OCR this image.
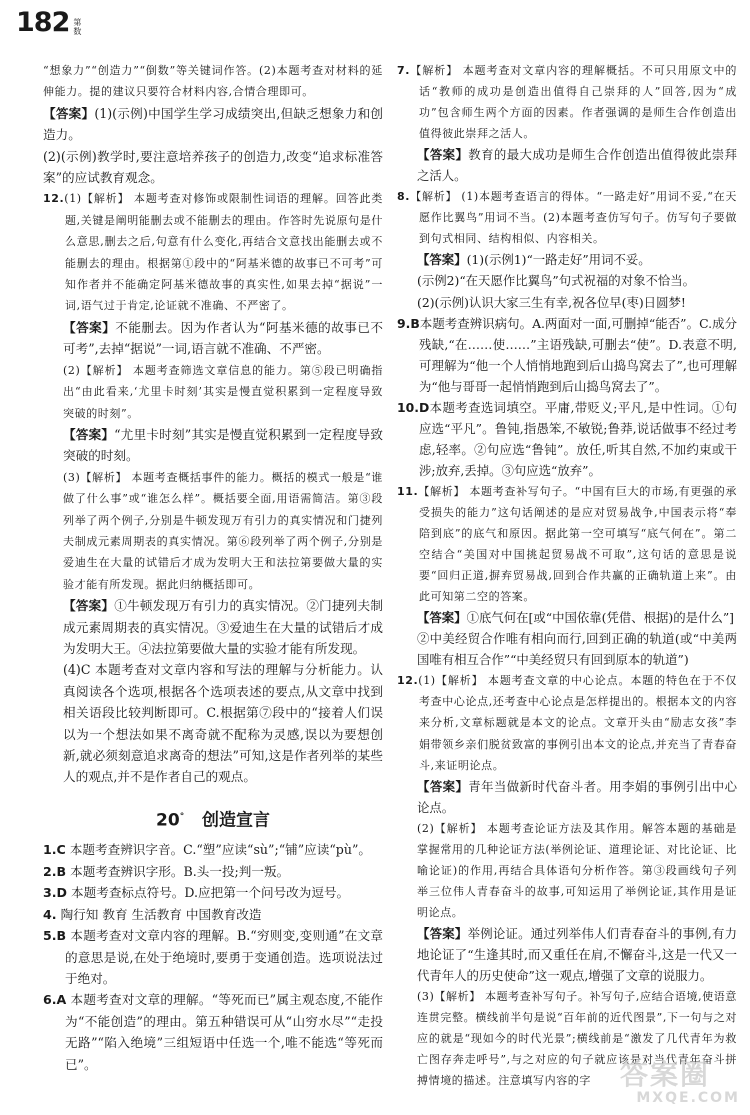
182 第数
“想象力”“创造力”“倒数”等关键词作答。(2)本题考查对材料的延伸能力。提的建议只要符合材料内容,合情合理即可。
【答案】(1)(示例)中国学生学习成绩突出,但缺乏想象力和创造力。
(2)(示例)教学时,要注意培养孩子的创造力,改变“追求标准答案”的应试教育观念。
12.(1)【解析】 本题考查对修饰或限制性词语的理解。回答此类题,关键是阐明能删去或不能删去的理由。作答时先说原句是什么意思,删去之后,句意有什么变化,再结合文意找出能删去或不能删去的理由。根据第①段中的“阿基米德的故事已不可考”可知作者并不能确定阿基米德故事的真实性,如果去掉“据说”一词,语气过于肯定,论证就不准确、不严密了。
【答案】不能删去。因为作者认为“阿基米德的故事已不可考”,去掉“据说”一词,语言就不准确、不严密。
(2)【解析】 本题考查筛选文章信息的能力。第⑤段已明确指出“由此看来,‘尤里卡时刻’其实是慢直觉积累到一定程度导致突破的时刻”。
【答案】“尤里卡时刻”其实是慢直觉积累到一定程度导致突破的时刻。
(3)【解析】 本题考查概括事件的能力。概括的模式一般是“谁做了什么事”或“谁怎么样”。概括要全面,用语需简洁。第③段列举了两个例子,分别是牛顿发现万有引力的真实情况和门捷列夫制成元素周期表的真实情况。第⑥段列举了两个例子,分别是爱迪生在大量的试错后才成为发明大王和法拉第要做大量的实验才能有所发现。据此归纳概括即可。
【答案】①牛顿发现万有引力的真实情况。②门捷列夫制成元素周期表的真实情况。③爱迪生在大量的试错后才成为发明大王。④法拉第要做大量的实验才能有所发现。
(4)C 本题考查对文章内容和写法的理解与分析能力。认真阅读各个选项,根据各个选项表述的要点,从文章中找到相关语段比较判断即可。C.根据第⑦段中的“接着人们误以为一个想法如果不离奇就不配称为灵感,误以为要想创新,就必须刻意追求离奇的想法”可知,这是作者列举的某些人的观点,并不是作者自己的观点。
20° 创造宣言
1.C 本题考查辨识字音。C.“塑”应读“sù”;“铺”应读“pù”。
2.B 本题考查辨识字形。B.头一投;判一叛。
3.D 本题考查标点符号。D.应把第一个问号改为逗号。
4. 陶行知 教育 生活教育 中国教育改造
5.B 本题考查对文章内容的理解。B.“穷则变,变则通”在文章的意思是说,在处于绝境时,要勇于变通创造。选项说法过于绝对。
6.A 本题考查对文章的理解。“等死而已”属主观态度,不能作为“不能创造”的理由。第五种错误可从“山穷水尽”“走投无路”“陷入绝境”三组短语中任选一个,唯不能选“等死而已”。
7.【解析】 本题考查对文章内容的理解概括。不可只用原文中的话“教师的成功是创造出值得自己崇拜的人”回答,因为“成功”包含师生两个方面的因素。作者强调的是师生合作创造出值得彼此崇拜之活人。
【答案】教育的最大成功是师生合作创造出值得彼此崇拜之活人。
8.【解析】 (1)本题考查语言的得体。“一路走好”用词不妥,“在天愿作比翼鸟”用词不当。(2)本题考查仿写句子。仿写句子要做到句式相同、结构相似、内容相关。
【答案】(1)(示例1)“一路走好”用词不妥。
(示例2)“在天愿作比翼鸟”句式祝福的对象不恰当。
(2)(示例)认识大家三生有幸,祝各位早(枣)日圆梦!
9.B本题考查辨识病句。A.两面对一面,可删掉“能否”。C.成分残缺,“在……使……”主语残缺,可删去“使”。D.表意不明,可理解为“他一个人悄悄地跑到后山捣鸟窝去了”,也可理解为“他与哥哥一起悄悄跑到后山捣鸟窝去了”。
10.D本题考查选词填空。平庸,带贬义;平凡,是中性词。①句应选“平凡”。鲁钝,指愚笨,不敏锐;鲁莽,说话做事不经过考虑,轻率。②句应选“鲁钝”。放任,听其自然,不加约束或干涉;放弃,丢掉。③句应选“放弃”。
11.【解析】 本题考查补写句子。“中国有巨大的市场,有更强的承受损失的能力”这句话阐述的是应对贸易战争,中国表示将“奉陪到底”的底气和原因。据此第一空可填写“底气何在”。第二空结合“美国对中国挑起贸易战不可取”,这句话的意思是说要“回归正道,摒弃贸易战,回到合作共赢的正确轨道上来”。由此可知第二空的答案。
【答案】①底气何在[或“中国依靠(凭借、根据)的是什么”]
②中美经贸合作唯有相向而行,回到正确的轨道(或“中美两国唯有相互合作”“中美经贸只有回到原本的轨道”)
12.(1)【解析】 本题考查文章的中心论点。本题的特色在于不仅考查中心论点,还考查中心论点是怎样提出的。根据本文的内容来分析,文章标题就是本文的论点。文章开头由“励志女孩”李娟带领乡亲们脱贫致富的事例引出本文的论点,并充当了青春奋斗,来证明论点。
【答案】青年当做新时代奋斗者。用李娟的事例引出中心论点。
(2)【解析】 本题考查论证方法及其作用。解答本题的基础是掌握常用的几种论证方法(举例论证、道理论证、对比论证、比喻论证)的作用,再结合具体语句分析作答。第③段画线句子列举三位伟人青春奋斗的故事,可知运用了举例论证,其作用是证明论点。
【答案】举例论证。通过列举伟人们青春奋斗的事例,有力地论证了“生逢其时,而又重任在肩,不懈奋斗,这是一代又一代青年人的历史使命”这一观点,增强了文章的说服力。
(3)【解析】 本题考查补写句子。补写句子,应结合语境,使语意连贯完整。横线前半句是说“百年前的近代图景”,下一句与之对应的就是“现如今的时代光景”;横线前是“激发了几代青年为救亡图存奔走呼号”,与之对应的句子就应该是对当代青年奋斗拼搏情境的描述。注意填写内容的字	答案圈
MXQE.COM
